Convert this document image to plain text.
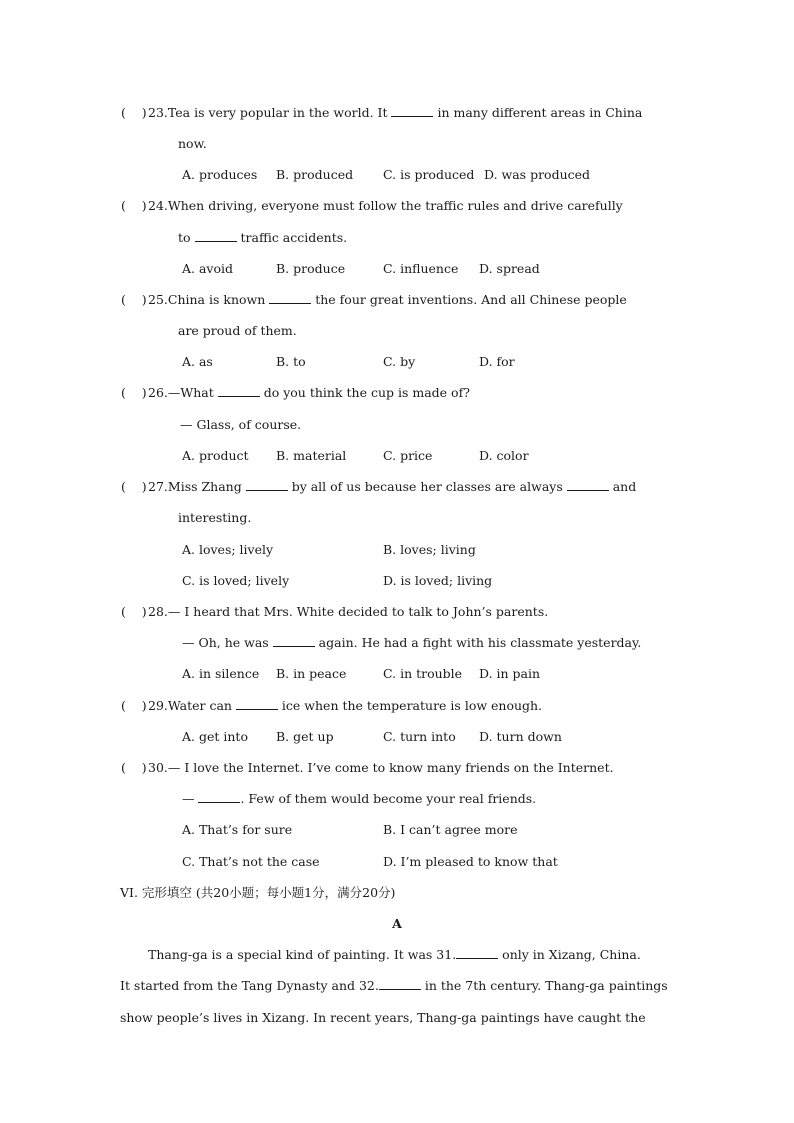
(    ) 23.Tea is very popular in the world. It	in many different areas in China
now.
A. produces B. produced C. is produced D. was produced
(    ) 24.When driving, everyone must follow the traffic rules and drive carefully
to	traffic accidents.
A. avoid	B. produce	C. influence D. spread
(    ) 25.China is known	the four great inventions. And all Chinese people
are proud of them.
A. as	B. to	C. by	D. for
(    ) 26.—What	do you think the cup is made of?
— Glass, of course.
A. product B. material	C. price	D. color
(    ) 27.Miss Zhang	by all of us because her classes are always	and
interesting.
A. loves; lively	B. loves; living
C. is loved; lively	D. is loved; living
(    ) 28.— I heard that Mrs. White decided to talk to John’s parents.
— Oh, he was	again. He had a fight with his classmate yesterday.
A. in silence B. in peace	C. in trouble D. in pain
(    ) 29.Water can	ice when the temperature is low enough.
A. get into B. get up	C. turn into D. turn down
(    ) 30.— I love the Internet. I’ve come to know many friends on the Internet.
—	. Few of them would become your real friends.
A. That’s for sure	B. I can’t agree more
C. That’s not the case	D. I’m pleased to know that
VI. 完形填空 (共20小题；每小题1分，满分20分)
A
Thang-ga is a special kind of painting. It was 31.	only in Xizang, China.
It started from the Tang Dynasty and 32.	in the 7th century. Thang-ga paintings
show people’s lives in Xizang. In recent years, Thang-ga paintings have caught the
